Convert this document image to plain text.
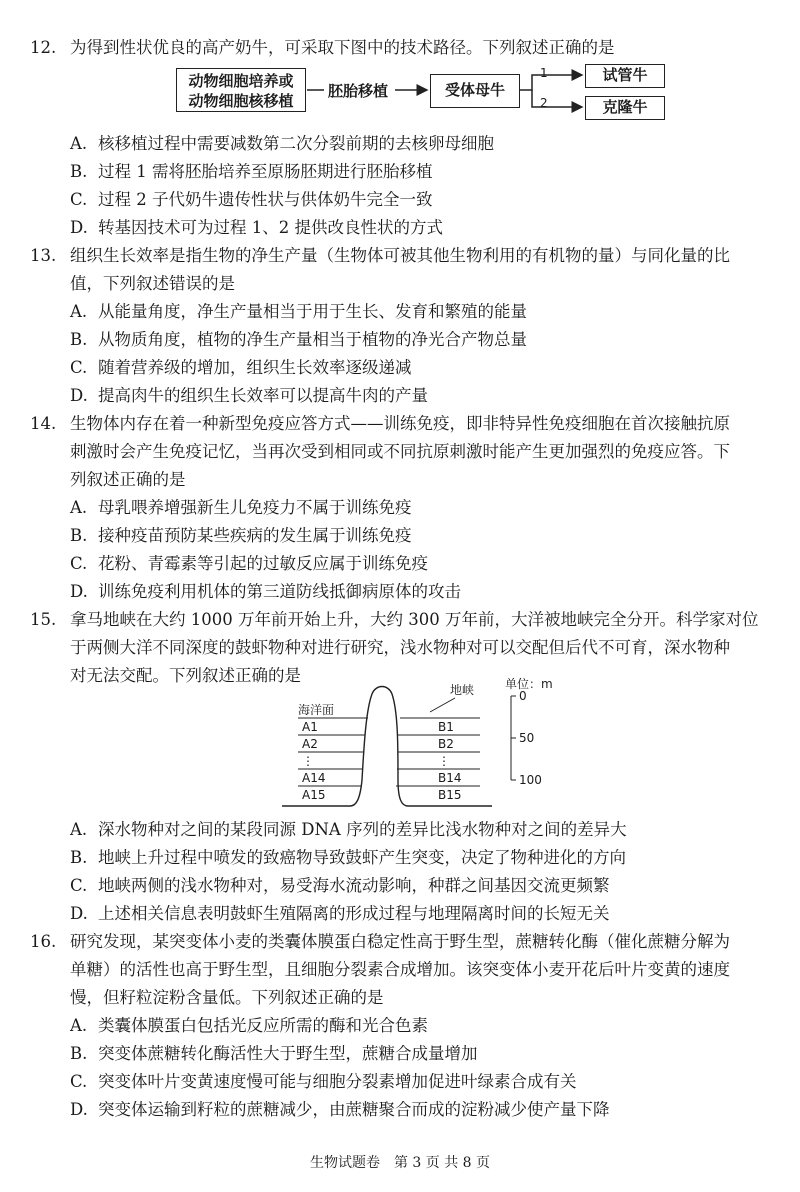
12. 为得到性状优良的高产奶牛，可采取下图中的技术路径。下列叙述正确的是
动物细胞培养或
动物细胞核移植
胚胎移植	受体母牛
1
2
试管牛
克隆牛
A. 核移植过程中需要减数第二次分裂前期的去核卵母细胞
B. 过程 1 需将胚胎培养至原肠胚期进行胚胎移植
C. 过程 2 子代奶牛遗传性状与供体奶牛完全一致
D. 转基因技术可为过程 1、2 提供改良性状的方式
13. 组织生长效率是指生物的净生产量（生物体可被其他生物利用的有机物的量）与同化量的比
值，下列叙述错误的是
A. 从能量角度，净生产量相当于用于生长、发育和繁殖的能量
B. 从物质角度，植物的净生产量相当于植物的净光合产物总量
C. 随着营养级的增加，组织生长效率逐级递减
D. 提高肉牛的组织生长效率可以提高牛肉的产量
14. 生物体内存在着一种新型免疫应答方式——训练免疫，即非特异性免疫细胞在首次接触抗原
刺激时会产生免疫记忆，当再次受到相同或不同抗原刺激时能产生更加强烈的免疫应答。下
列叙述正确的是
A. 母乳喂养增强新生儿免疫力不属于训练免疫
B. 接种疫苗预防某些疾病的发生属于训练免疫
C. 花粉、青霉素等引起的过敏反应属于训练免疫
D. 训练免疫利用机体的第三道防线抵御病原体的攻击
15. 拿马地峡在大约 1000 万年前开始上升，大约 300 万年前，大洋被地峡完全分开。科学家对位
于两侧大洋不同深度的鼓虾物种对进行研究，浅水物种对可以交配但后代不可育，深水物种
对无法交配。下列叙述正确的是
地峡
海洋面
单位：m
A1
A2
⋮
A14
A15
B1
B2
⋮
B14
B15
0
50
100
A. 深水物种对之间的某段同源 DNA 序列的差异比浅水物种对之间的差异大
B. 地峡上升过程中喷发的致癌物导致鼓虾产生突变，决定了物种进化的方向
C. 地峡两侧的浅水物种对，易受海水流动影响，种群之间基因交流更频繁
D. 上述相关信息表明鼓虾生殖隔离的形成过程与地理隔离时间的长短无关
16. 研究发现，某突变体小麦的类囊体膜蛋白稳定性高于野生型，蔗糖转化酶（催化蔗糖分解为
单糖）的活性也高于野生型，且细胞分裂素合成增加。该突变体小麦开花后叶片变黄的速度
慢，但籽粒淀粉含量低。下列叙述正确的是
A. 类囊体膜蛋白包括光反应所需的酶和光合色素
B. 突变体蔗糖转化酶活性大于野生型，蔗糖合成量增加
C. 突变体叶片变黄速度慢可能与细胞分裂素增加促进叶绿素合成有关
D. 突变体运输到籽粒的蔗糖减少，由蔗糖聚合而成的淀粉减少使产量下降
生物试题卷　第 3 页 共 8 页
